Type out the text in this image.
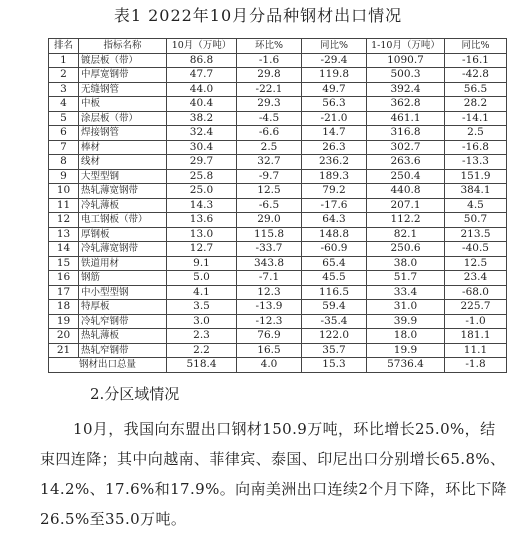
表1 2022年10月分品种钢材出口情况
排名	指标名称	10月（万吨）	环比%	同比%	1-10月（万吨）	同比%
1	镀层板（带）	86.8	-1.6	-29.4	1090.7	-16.1
2	中厚宽钢带	47.7	29.8	119.8	500.3	-42.8
3	无缝钢管	44.0	-22.1	49.7	392.4	56.5
4	中板	40.4	29.3	56.3	362.8	28.2
5	涂层板（带）	38.2	-4.5	-21.0	461.1	-14.1
6	焊接钢管	32.4	-6.6	14.7	316.8	2.5
7	棒材	30.4	2.5	26.3	302.7	-16.8
8	线材	29.7	32.7	236.2	263.6	-13.3
9	大型型钢	25.8	-9.7	189.3	250.4	151.9
10	热轧薄宽钢带	25.0	12.5	79.2	440.8	384.1
11	冷轧薄板	14.3	-6.5	-17.6	207.1	4.5
12	电工钢板（带）	13.6	29.0	64.3	112.2	50.7
13	厚钢板	13.0	115.8	148.8	82.1	213.5
14	冷轧薄宽钢带	12.7	-33.7	-60.9	250.6	-40.5
15	铁道用材	9.1	343.8	65.4	38.0	12.5
16	钢筋	5.0	-7.1	45.5	51.7	23.4
17	中小型型钢	4.1	12.3	116.5	33.4	-68.0
18	特厚板	3.5	-13.9	59.4	31.0	225.7
19	冷轧窄钢带	3.0	-12.3	-35.4	39.9	-1.0
20	热轧薄板	2.3	76.9	122.0	18.0	181.1
21	热轧窄钢带	2.2	16.5	35.7	19.9	11.1
钢材出口总量		518.4	4.0	15.3	5736.4	-1.8
2.分区域情况

10月，我国向东盟出口钢材150.9万吨，环比增长25.0%，结束四连降；其中向越南、菲律宾、泰国、印尼出口分别增长65.8%、14.2%、17.6%和17.9%。向南美洲出口连续2个月下降，环比下降26.5%至35.0万吨。
